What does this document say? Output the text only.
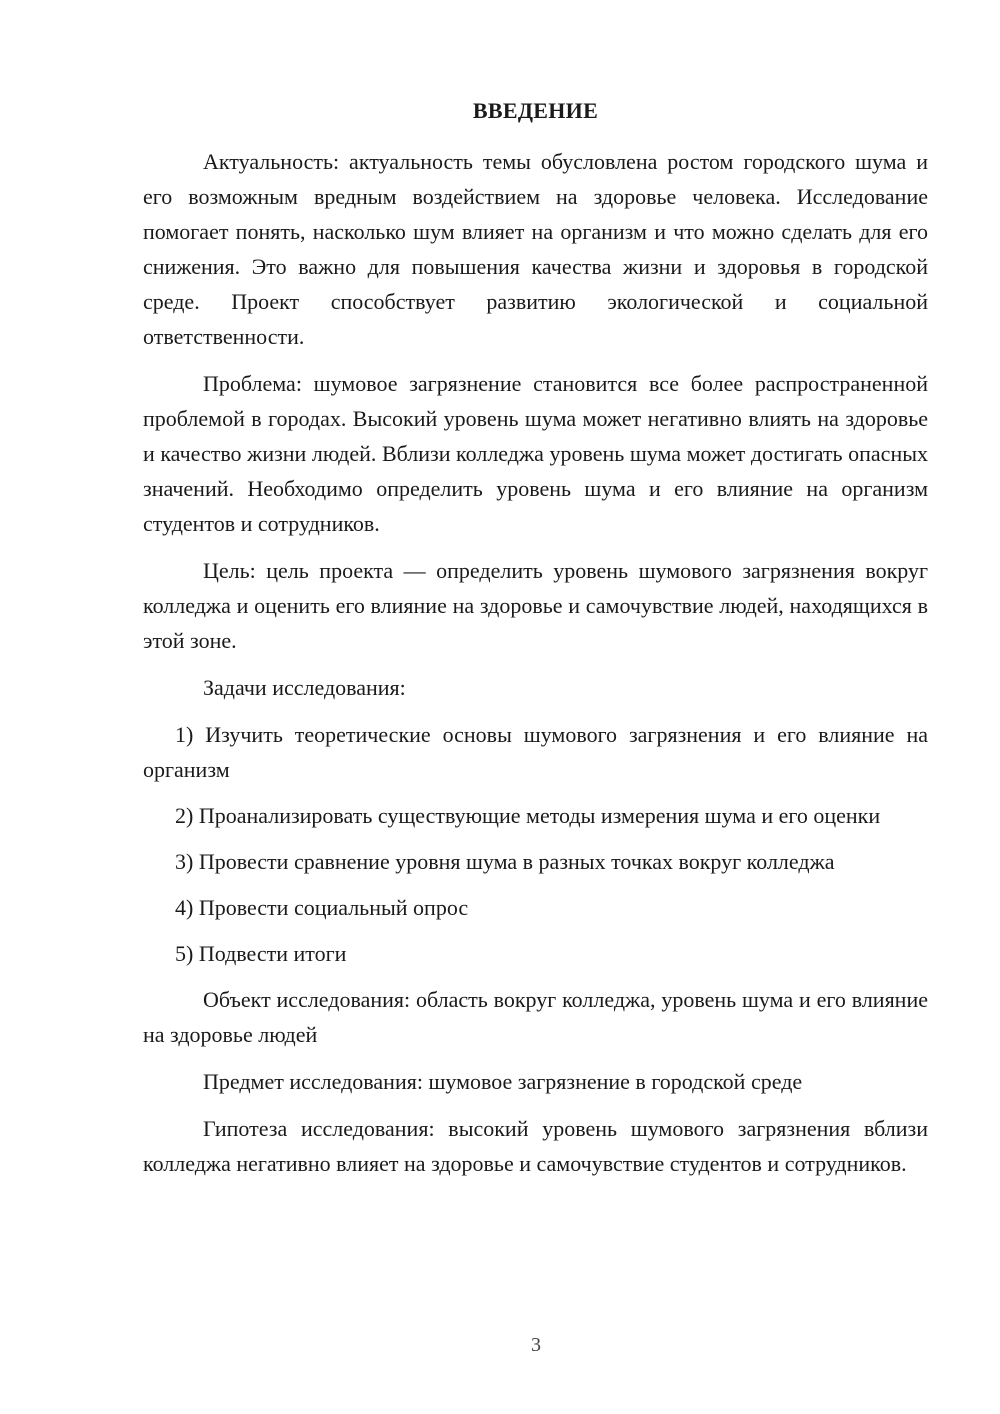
ВВЕДЕНИЕ

Актуальность: актуальность темы обусловлена ростом городского шума и его возможным вредным воздействием на здоровье человека. Исследование помогает понять, насколько шум влияет на организм и что можно сделать для его снижения. Это важно для повышения качества жизни и здоровья в городской среде. Проект способствует развитию экологической и социальной ответственности.

Проблема: шумовое загрязнение становится все более распространенной проблемой в городах. Высокий уровень шума может негативно влиять на здоровье и качество жизни людей. Вблизи колледжа уровень шума может достигать опасных значений. Необходимо определить уровень шума и его влияние на организм студентов и сотрудников.

Цель: цель проекта — определить уровень шумового загрязнения вокруг колледжа и оценить его влияние на здоровье и самочувствие людей, находящихся в этой зоне.

Задачи исследования:

1) Изучить теоретические основы шумового загрязнения и его влияние на организм

2) Проанализировать существующие методы измерения шума и его оценки

3) Провести сравнение уровня шума в разных точках вокруг колледжа

4) Провести социальный опрос

5) Подвести итоги

Объект исследования: область вокруг колледжа, уровень шума и его влияние на здоровье людей

Предмет исследования: шумовое загрязнение в городской среде

Гипотеза исследования: высокий уровень шумового загрязнения вблизи колледжа негативно влияет на здоровье и самочувствие студентов и сотрудников.

3
